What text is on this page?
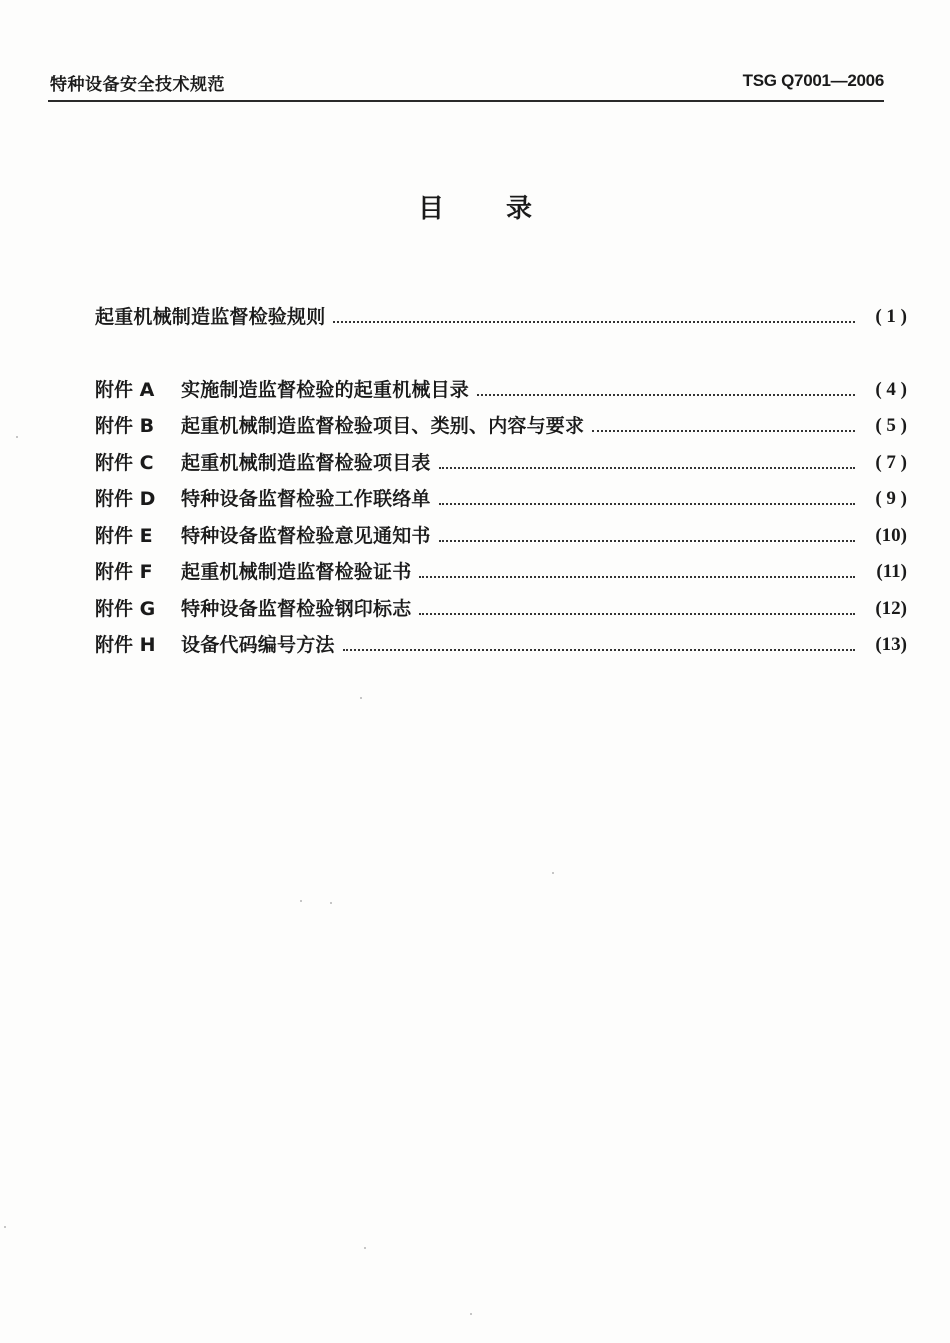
特种设备安全技术规范	TSG Q7001—2006
目录
起重机械制造监督检验规则	( 1 )
附件 A	实施制造监督检验的起重机械目录	( 4 )
附件 B	起重机械制造监督检验项目、类别、内容与要求	( 5 )
附件 C	起重机械制造监督检验项目表	( 7 )
附件 D	特种设备监督检验工作联络单	( 9 )
附件 E	特种设备监督检验意见通知书	(10)
附件 F	起重机械制造监督检验证书	(11)
附件 G	特种设备监督检验钢印标志	(12)
附件 H	设备代码编号方法	(13)
